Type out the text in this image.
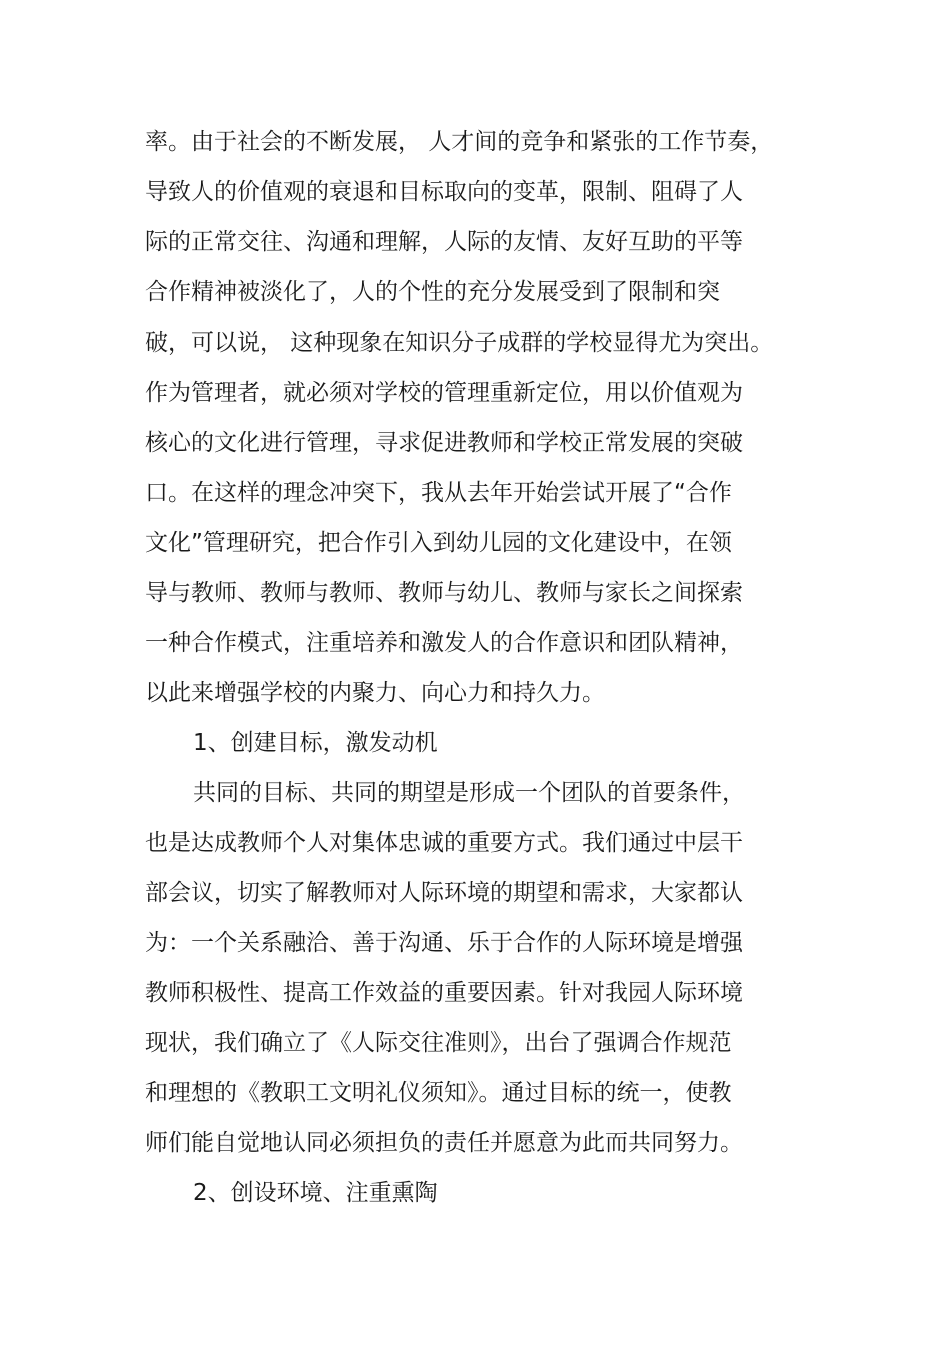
率。由于社会的不断发展， 人才间的竞争和紧张的工作节奏，
导致人的价值观的衰退和目标取向的变革，限制、阻碍了人
际的正常交往、沟通和理解，人际的友情、友好互助的平等
合作精神被淡化了，人的个性的充分发展受到了限制和突
破，可以说， 这种现象在知识分子成群的学校显得尤为突出。
作为管理者，就必须对学校的管理重新定位，用以价值观为
核心的文化进行管理，寻求促进教师和学校正常发展的突破
口。在这样的理念冲突下，我从去年开始尝试开展了“合作
文化”管理研究，把合作引入到幼儿园的文化建设中，在领
导与教师、教师与教师、教师与幼儿、教师与家长之间探索
一种合作模式，注重培养和激发人的合作意识和团队精神，
以此来增强学校的内聚力、向心力和持久力。
1、创建目标，激发动机
共同的目标、共同的期望是形成一个团队的首要条件，
也是达成教师个人对集体忠诚的重要方式。我们通过中层干
部会议，切实了解教师对人际环境的期望和需求，大家都认
为：一个关系融洽、善于沟通、乐于合作的人际环境是增强
教师积极性、提高工作效益的重要因素。针对我园人际环境
现状，我们确立了《人际交往准则》，出台了强调合作规范
和理想的《教职工文明礼仪须知》。通过目标的统一，使教
师们能自觉地认同必须担负的责任并愿意为此而共同努力。
2、创设环境、注重熏陶
